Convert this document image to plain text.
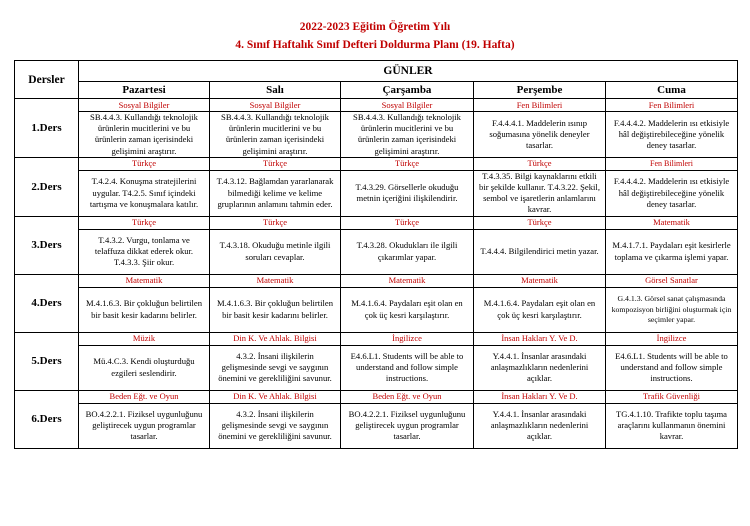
2022-2023 Eğitim Öğretim Yılı
4. Sınıf Haftalık Sınıf Defteri Doldurma Planı (19. Hafta)
Dersler	GÜNLER				
	Pazartesi	Salı	Çarşamba	Perşembe	Cuma
1.Ders	Sosyal Bilgiler	Sosyal Bilgiler	Sosyal Bilgiler	Fen Bilimleri	Fen Bilimleri
	SB.4.4.3. Kullandığı teknolojik ürünlerin mucitlerini ve bu ürünlerin zaman içerisindeki gelişimini araştırır.	SB.4.4.3. Kullandığı teknolojik ürünlerin mucitlerini ve bu ürünlerin zaman içerisindeki gelişimini araştırır.	SB.4.4.3. Kullandığı teknolojik ürünlerin mucitlerini ve bu ürünlerin zaman içerisindeki gelişimini araştırır.	F.4.4.4.1. Maddelerin ısınıp soğumasına yönelik deneyler tasarlar.	F.4.4.4.2. Maddelerin ısı etkisiyle hâl değiştirebileceğine yönelik deney tasarlar.
2.Ders	Türkçe	Türkçe	Türkçe	Türkçe	Fen Bilimleri
	T.4.2.4. Konuşma stratejilerini uygular. T4.2.5. Sınıf içindeki tartışma ve konuşmalara katılır.	T.4.3.12. Bağlamdan yararlanarak bilmediği kelime ve kelime gruplarının anlamını tahmin eder.	T.4.3.29. Görsellerle okuduğu metnin içeriğini ilişkilendirir.	T.4.3.35. Bilgi kaynaklarını etkili bir şekilde kullanır. T.4.3.22. Şekil, sembol ve işaretlerin anlamlarını kavrar.	F.4.4.4.2. Maddelerin ısı etkisiyle hâl değiştirebileceğine yönelik deney tasarlar.
3.Ders	Türkçe	Türkçe	Türkçe	Türkçe	Matematik
	T.4.3.2. Vurgu, tonlama ve telaffuza dikkat ederek okur. T.4.3.3. Şiir okur.	T.4.3.18. Okuduğu metinle ilgili soruları cevaplar.	T.4.3.28. Okudukları ile ilgili çıkarımlar yapar.	T.4.4.4. Bilgilendirici metin yazar.	M.4.1.7.1. Paydaları eşit kesirlerle toplama ve çıkarma işlemi yapar.
4.Ders	Matematik	Matematik	Matematik	Matematik	Görsel Sanatlar
	M.4.1.6.3. Bir çokluğun belirtilen bir basit kesir kadarını belirler.	M.4.1.6.3. Bir çokluğun belirtilen bir basit kesir kadarını belirler.	M.4.1.6.4. Paydaları eşit olan en çok üç kesri karşılaştırır.	M.4.1.6.4. Paydaları eşit olan en çok üç kesri karşılaştırır.	G.4.1.3. Görsel sanat çalışmasında kompozisyon birliğini oluşturmak için seçimler yapar.
5.Ders	Müzik	Din K. Ve Ahlak. Bilgisi	İngilizce	İnsan Hakları Y. Ve D.	İngilizce
	Mü.4.C.3. Kendi oluşturduğu ezgileri seslendirir.	4.3.2. İnsani ilişkilerin gelişmesinde sevgi ve saygının önemini ve gerekliliğini savunur.	E4.6.L1. Students will be able to understand and follow simple instructions.	Y.4.4.1. İnsanlar arasındaki anlaşmazlıkların nedenlerini açıklar.	E4.6.L1. Students will be able to understand and follow simple instructions.
6.Ders	Beden Eğt. ve Oyun	Din K. Ve Ahlak. Bilgisi	Beden Eğt. ve Oyun	İnsan Hakları Y. Ve D.	Trafik Güvenliği
	BO.4.2.2.1. Fiziksel uygunluğunu geliştirecek uygun programlar tasarlar.	4.3.2. İnsani ilişkilerin gelişmesinde sevgi ve saygının önemini ve gerekliliğini savunur.	BO.4.2.2.1. Fiziksel uygunluğunu geliştirecek uygun programlar tasarlar.	Y.4.4.1. İnsanlar arasındaki anlaşmazlıkların nedenlerini açıklar.	TG.4.1.10. Trafikte toplu taşıma araçlarını kullanmanın önemini kavrar.
